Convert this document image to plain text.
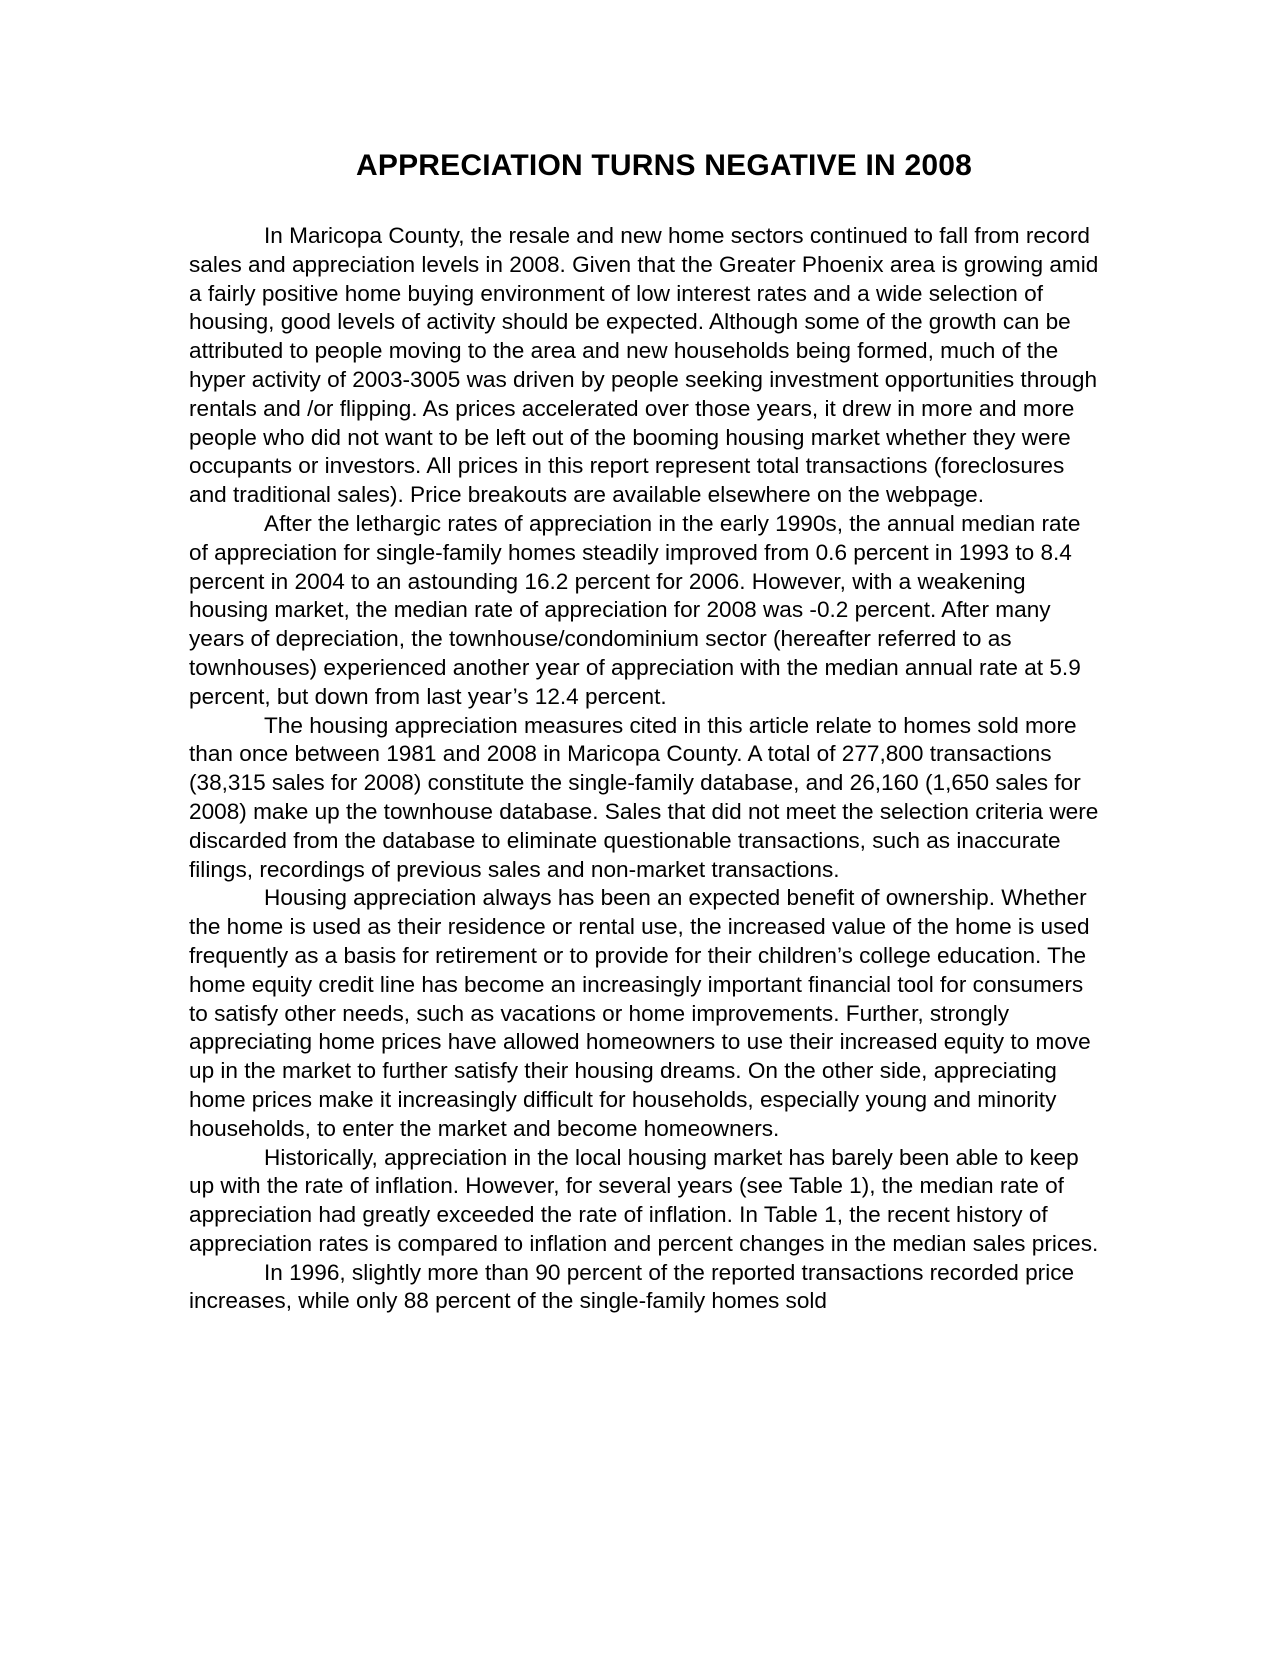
APPRECIATION TURNS NEGATIVE IN 2008

In Maricopa County, the resale and new home sectors continued to fall from record sales and appreciation levels in 2008. Given that the Greater Phoenix area is growing amid a fairly positive home buying environment of low interest rates and a wide selection of housing, good levels of activity should be expected. Although some of the growth can be attributed to people moving to the area and new households being formed, much of the hyper activity of 2003-3005 was driven by people seeking investment opportunities through rentals and /or flipping. As prices accelerated over those years, it drew in more and more people who did not want to be left out of the booming housing market whether they were occupants or investors. All prices in this report represent total transactions (foreclosures and traditional sales). Price breakouts are available elsewhere on the webpage.

After the lethargic rates of appreciation in the early 1990s, the annual median rate of appreciation for single-family homes steadily improved from 0.6 percent in 1993 to 8.4 percent in 2004 to an astounding 16.2 percent for 2006. However, with a weakening housing market, the median rate of appreciation for 2008 was -0.2 percent. After many years of depreciation, the townhouse/condominium sector (hereafter referred to as townhouses) experienced another year of appreciation with the median annual rate at 5.9 percent, but down from last year’s 12.4 percent.

The housing appreciation measures cited in this article relate to homes sold more than once between 1981 and 2008 in Maricopa County. A total of 277,800 transactions (38,315 sales for 2008) constitute the single-family database, and 26,160 (1,650 sales for 2008) make up the townhouse database. Sales that did not meet the selection criteria were discarded from the database to eliminate questionable transactions, such as inaccurate filings, recordings of previous sales and non-market transactions.

Housing appreciation always has been an expected benefit of ownership. Whether the home is used as their residence or rental use, the increased value of the home is used frequently as a basis for retirement or to provide for their children’s college education. The home equity credit line has become an increasingly important financial tool for consumers to satisfy other needs, such as vacations or home improvements. Further, strongly appreciating home prices have allowed homeowners to use their increased equity to move up in the market to further satisfy their housing dreams. On the other side, appreciating home prices make it increasingly difficult for households, especially young and minority households, to enter the market and become homeowners.

Historically, appreciation in the local housing market has barely been able to keep up with the rate of inflation. However, for several years (see Table 1), the median rate of appreciation had greatly exceeded the rate of inflation. In Table 1, the recent history of appreciation rates is compared to inflation and percent changes in the median sales prices.

In 1996, slightly more than 90 percent of the reported transactions recorded price increases, while only 88 percent of the single-family homes sold
